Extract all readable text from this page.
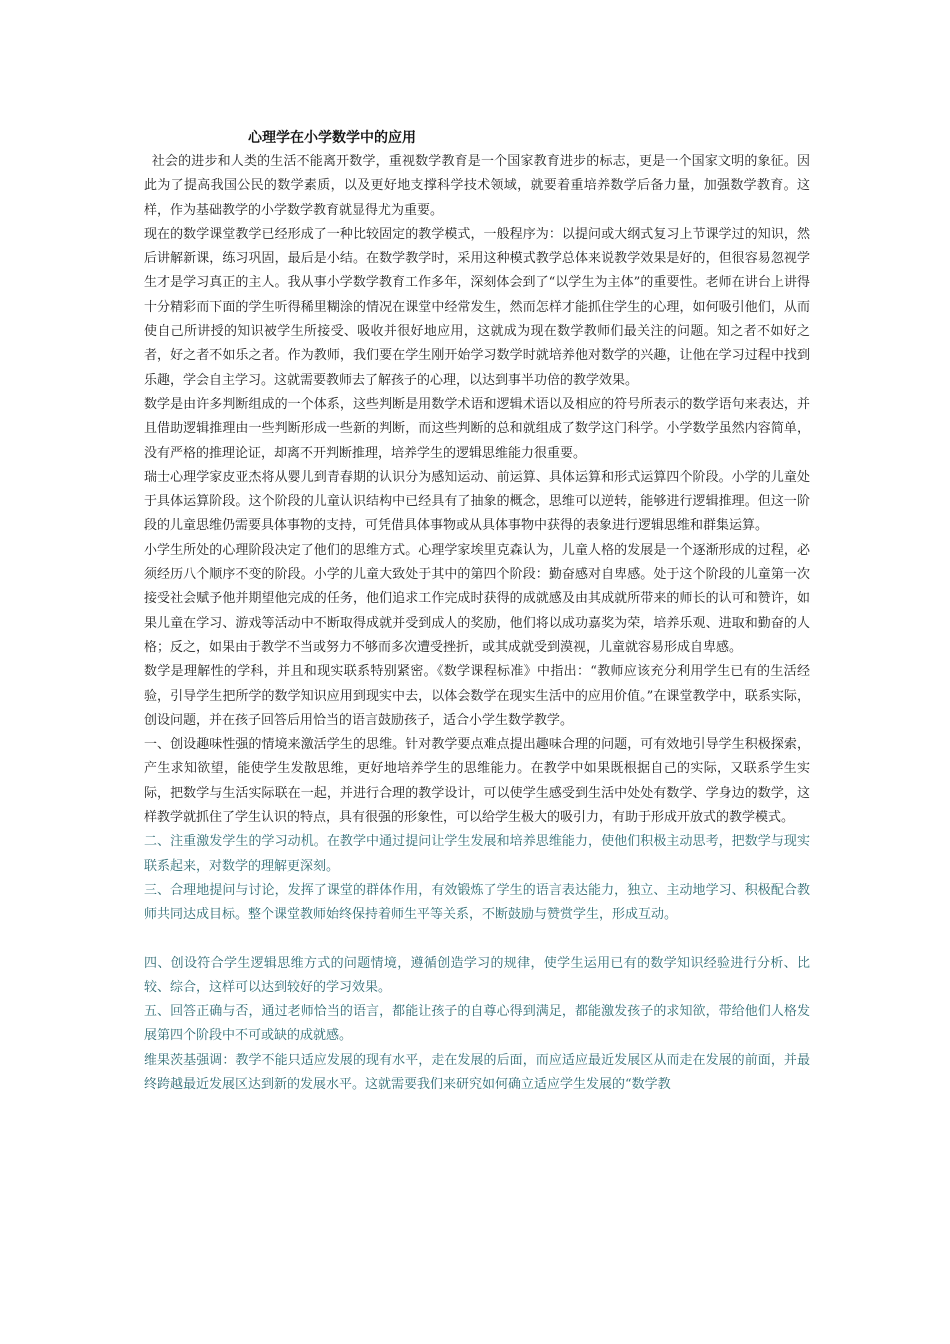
心理学在小学数学中的应用

社会的进步和人类的生活不能离开数学，重视数学教育是一个国家教育进步的标志，更是一个国家文明的象征。因此为了提高我国公民的数学素质，以及更好地支撑科学技术领域，就要着重培养数学后备力量，加强数学教育。这样，作为基础教学的小学数学教育就显得尤为重要。

现在的数学课堂教学已经形成了一种比较固定的教学模式，一般程序为：以提问或大纲式复习上节课学过的知识，然后讲解新课，练习巩固，最后是小结。在数学教学时，采用这种模式教学总体来说教学效果是好的，但很容易忽视学生才是学习真正的主人。我从事小学数学教育工作多年，深刻体会到了“以学生为主体”的重要性。老师在讲台上讲得十分精彩而下面的学生听得稀里糊涂的情况在课堂中经常发生，然而怎样才能抓住学生的心理，如何吸引他们，从而使自己所讲授的知识被学生所接受、吸收并很好地应用，这就成为现在数学教师们最关注的问题。知之者不如好之者，好之者不如乐之者。作为教师，我们要在学生刚开始学习数学时就培养他对数学的兴趣，让他在学习过程中找到乐趣，学会自主学习。这就需要教师去了解孩子的心理，以达到事半功倍的教学效果。

数学是由许多判断组成的一个体系，这些判断是用数学术语和逻辑术语以及相应的符号所表示的数学语句来表达，并且借助逻辑推理由一些判断形成一些新的判断，而这些判断的总和就组成了数学这门科学。小学数学虽然内容简单，没有严格的推理论证，却离不开判断推理，培养学生的逻辑思维能力很重要。

瑞士心理学家皮亚杰将从婴儿到青春期的认识分为感知运动、前运算、具体运算和形式运算四个阶段。小学的儿童处于具体运算阶段。这个阶段的儿童认识结构中已经具有了抽象的概念，思维可以逆转，能够进行逻辑推理。但这一阶段的儿童思维仍需要具体事物的支持，可凭借具体事物或从具体事物中获得的表象进行逻辑思维和群集运算。

小学生所处的心理阶段决定了他们的思维方式。心理学家埃里克森认为，儿童人格的发展是一个逐渐形成的过程，必须经历八个顺序不变的阶段。小学的儿童大致处于其中的第四个阶段：勤奋感对自卑感。处于这个阶段的儿童第一次接受社会赋予他并期望他完成的任务，他们追求工作完成时获得的成就感及由其成就所带来的师长的认可和赞许，如果儿童在学习、游戏等活动中不断取得成就并受到成人的奖励，他们将以成功嘉奖为荣，培养乐观、进取和勤奋的人格；反之，如果由于教学不当或努力不够而多次遭受挫折，或其成就受到漠视，儿童就容易形成自卑感。

数学是理解性的学科，并且和现实联系特别紧密。《数学课程标准》中指出：“教师应该充分利用学生已有的生活经验，引导学生把所学的数学知识应用到现实中去，以体会数学在现实生活中的应用价值。”在课堂教学中，联系实际，创设问题，并在孩子回答后用恰当的语言鼓励孩子，适合小学生数学教学。

一、创设趣味性强的情境来激活学生的思维。针对教学要点难点提出趣味合理的问题，可有效地引导学生积极探索，产生求知欲望，能使学生发散思维，更好地培养学生的思维能力。在教学中如果既根据自己的实际，又联系学生实际，把数学与生活实际联在一起，并进行合理的教学设计，可以使学生感受到生活中处处有数学、学身边的数学，这样教学就抓住了学生认识的特点，具有很强的形象性，可以给学生极大的吸引力，有助于形成开放式的教学模式。

二、注重激发学生的学习动机。在教学中通过提问让学生发展和培养思维能力，使他们积极主动思考，把数学与现实联系起来，对数学的理解更深刻。

三、合理地提问与讨论，发挥了课堂的群体作用，有效锻炼了学生的语言表达能力，独立、主动地学习、积极配合教师共同达成目标。整个课堂教师始终保持着师生平等关系，不断鼓励与赞赏学生，形成互动。

四、创设符合学生逻辑思维方式的问题情境，遵循创造学习的规律，使学生运用已有的数学知识经验进行分析、比较、综合，这样可以达到较好的学习效果。

五、回答正确与否，通过老师恰当的语言，都能让孩子的自尊心得到满足，都能激发孩子的求知欲，带给他们人格发展第四个阶段中不可或缺的成就感。

维果茨基强调：教学不能只适应发展的现有水平，走在发展的后面，而应适应最近发展区从而走在发展的前面，并最终跨越最近发展区达到新的发展水平。这就需要我们来研究如何确立适应学生发展的“数学教
